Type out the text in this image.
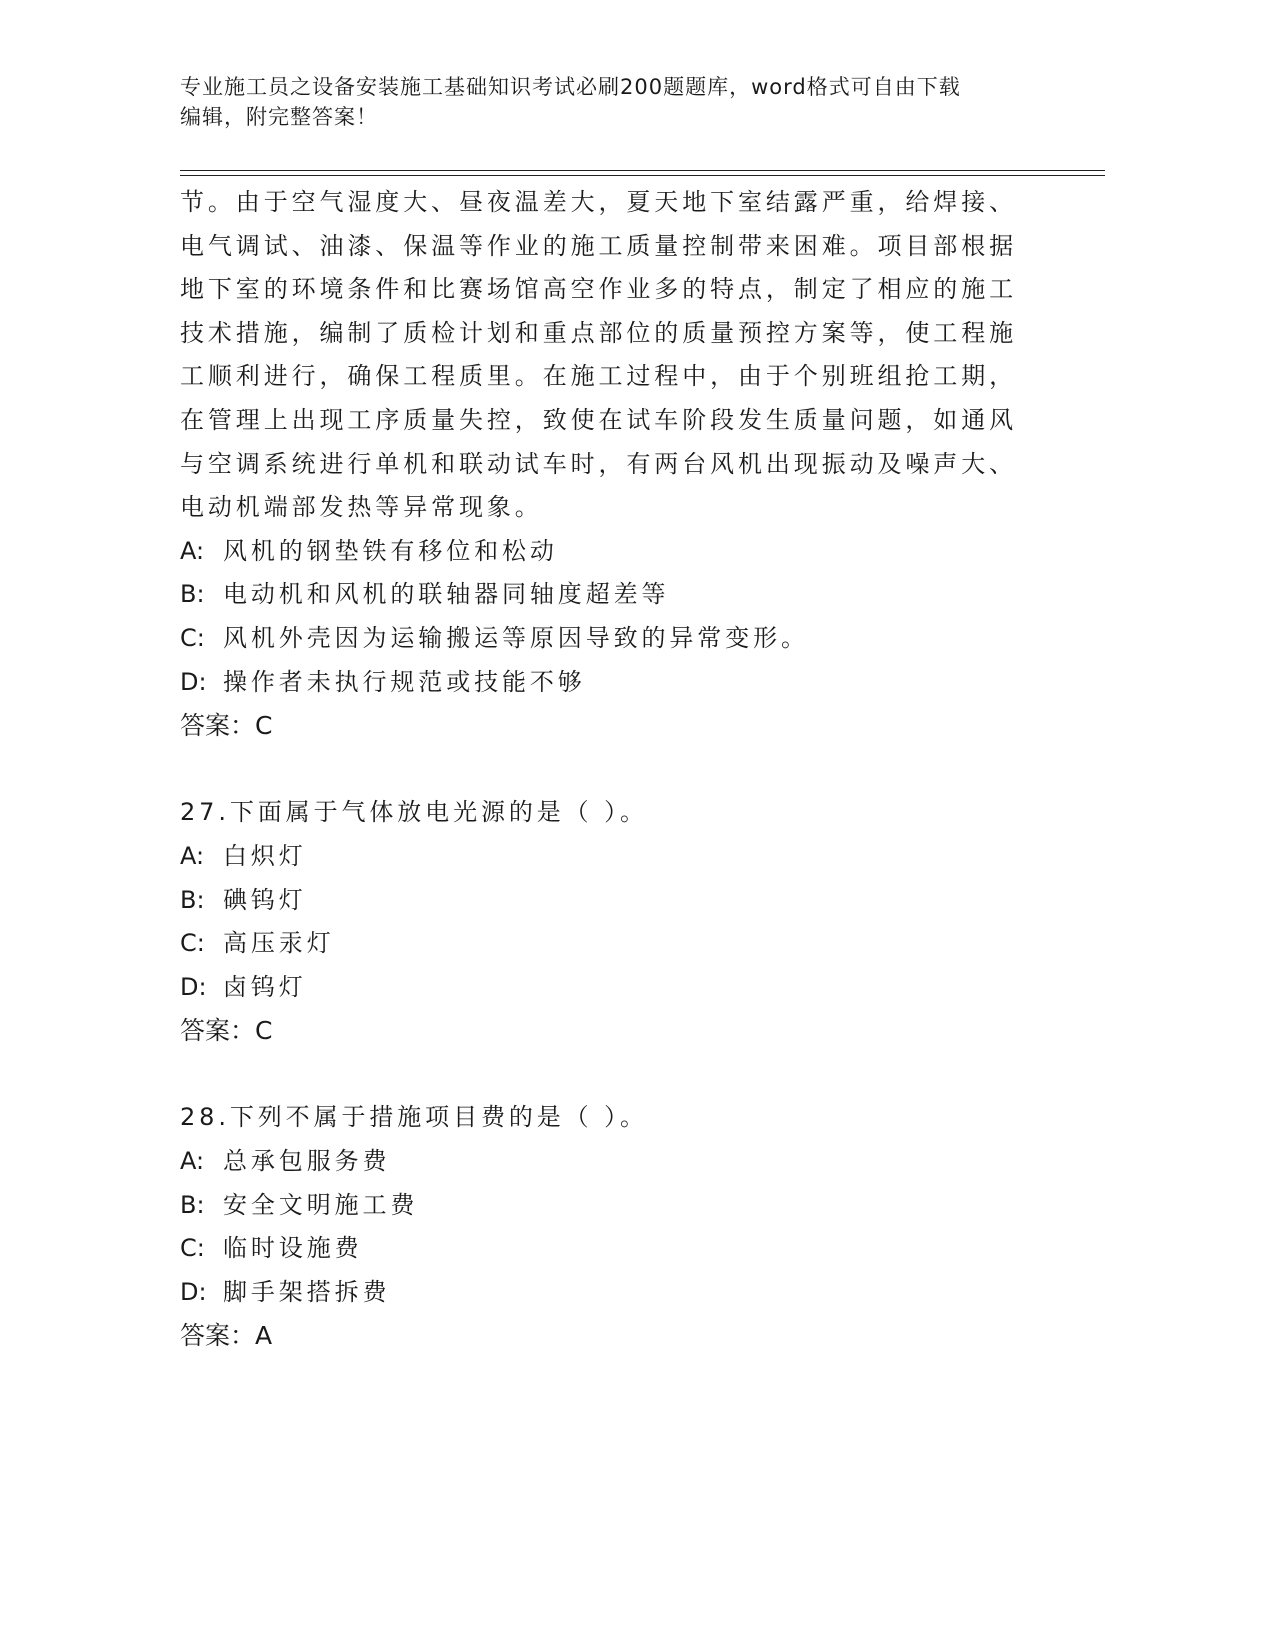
专业施工员之设备安装施工基础知识考试必刷200题题库，word格式可自由下载
编辑，附完整答案！
节。由于空气湿度大、昼夜温差大，夏天地下室结露严重，给焊接、
电气调试、油漆、保温等作业的施工质量控制带来困难。项目部根据
地下室的环境条件和比赛场馆高空作业多的特点，制定了相应的施工
技术措施，编制了质检计划和重点部位的质量预控方案等，使工程施
工顺利进行，确保工程质里。在施工过程中，由于个别班组抢工期，
在管理上出现工序质量失控，致使在试车阶段发生质量问题，如通风
与空调系统进行单机和联动试车时，有两台风机出现振动及噪声大、
电动机端部发热等异常现象。
A: 风机的钢垫铁有移位和松动
B: 电动机和风机的联轴器同轴度超差等
C: 风机外壳因为运输搬运等原因导致的异常变形。
D: 操作者未执行规范或技能不够
答案：C
27.下面属于气体放电光源的是（ ）。
A: 白炽灯
B: 碘钨灯
C: 高压汞灯
D: 卤钨灯
答案：C
28.下列不属于措施项目费的是（ ）。
A: 总承包服务费
B: 安全文明施工费
C: 临时设施费
D: 脚手架搭拆费
答案：A
